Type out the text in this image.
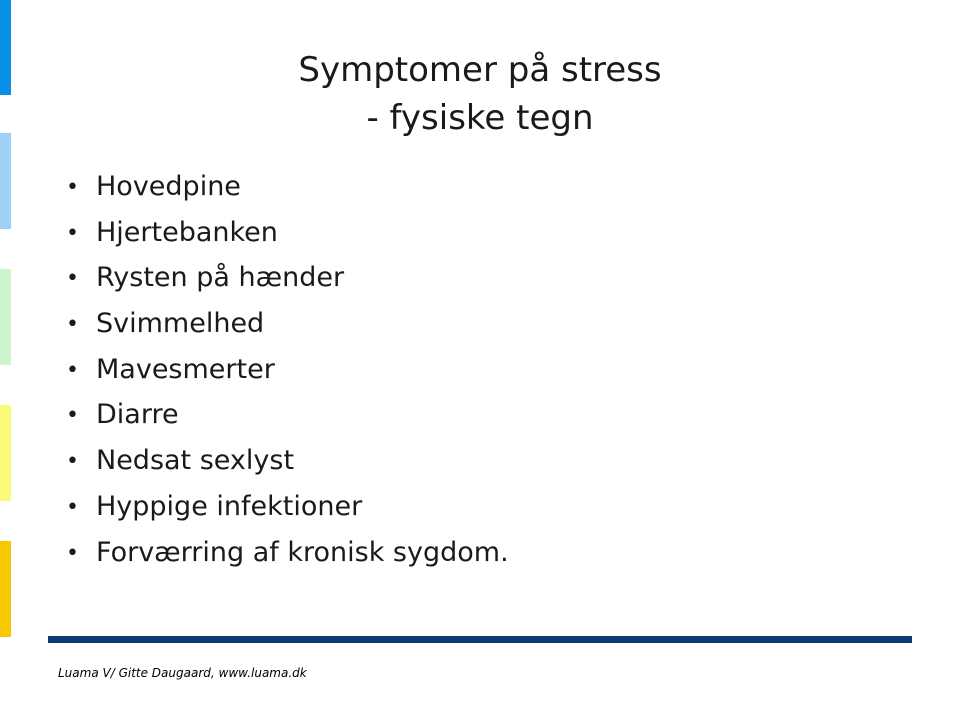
Symptomer på stress
- fysiske tegn
• Hovedpine
• Hjertebanken
• Rysten på hænder
• Svimmelhed
• Mavesmerter
• Diarre
• Nedsat sexlyst
• Hyppige infektioner
• Forværring af kronisk sygdom.
Luama V/ Gitte Daugaard, www.luama.dk
